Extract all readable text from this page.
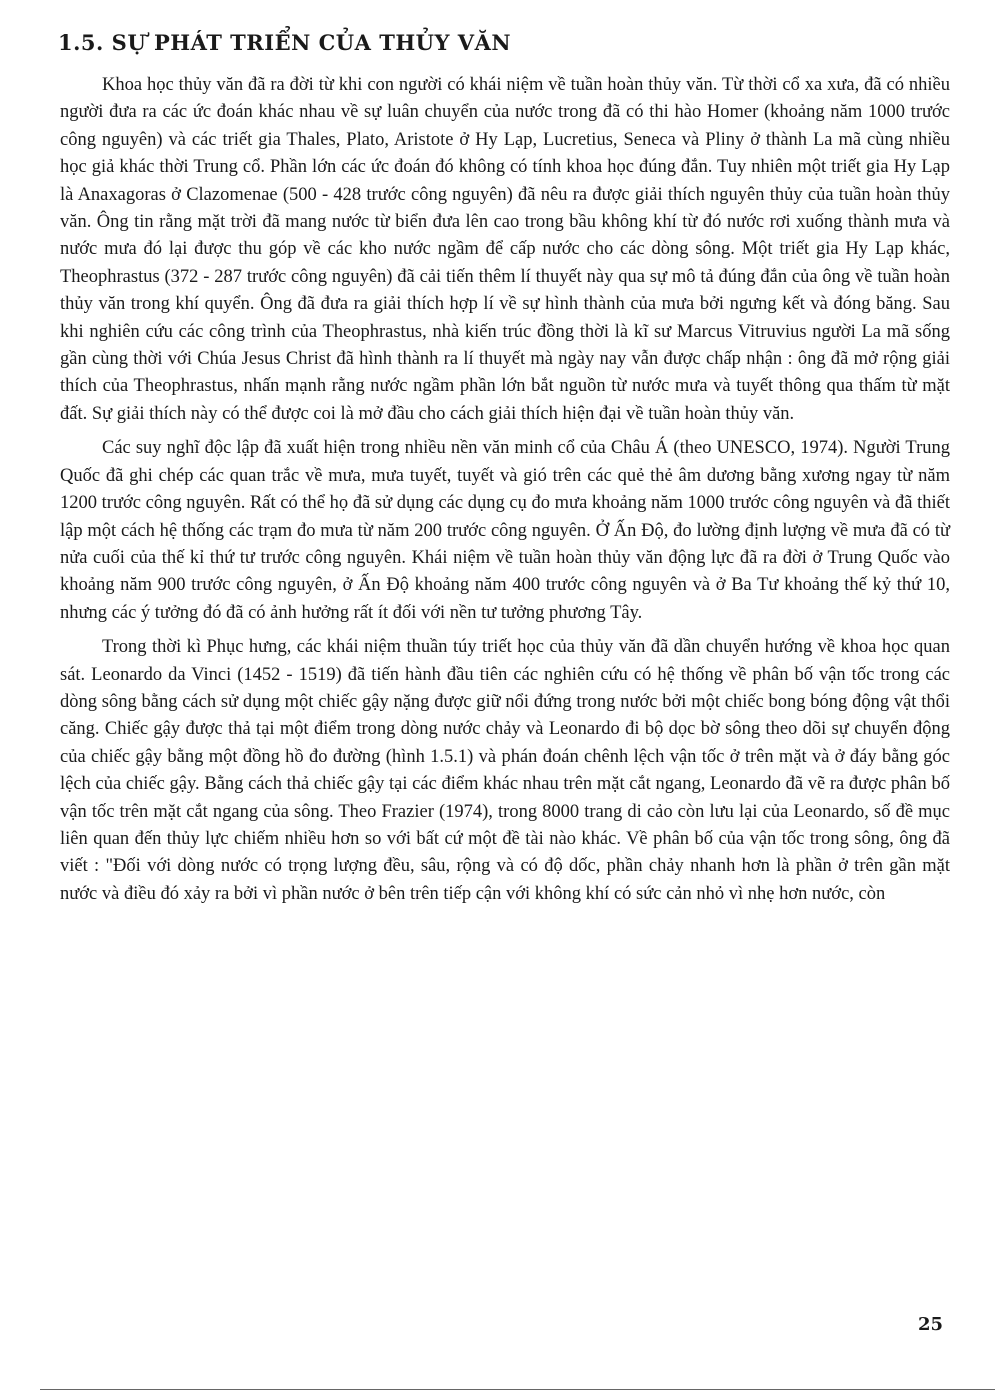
1.5. SỰ PHÁT TRIỂN CỦA THỦY VĂN

Khoa học thủy văn đã ra đời từ khi con người có khái niệm về tuần hoàn thủy văn. Từ thời cổ xa xưa, đã có nhiều người đưa ra các ức đoán khác nhau về sự luân chuyển của nước trong đã có thi hào Homer (khoảng năm 1000 trước công nguyên) và các triết gia Thales, Plato, Aristote ở Hy Lạp, Lucretius, Seneca và Pliny ở thành La mã cùng nhiều học giả khác thời Trung cổ. Phần lớn các ức đoán đó không có tính khoa học đúng đắn. Tuy nhiên một triết gia Hy Lạp là Anaxagoras ở Clazomenae (500 - 428 trước công nguyên) đã nêu ra được giải thích nguyên thủy của tuần hoàn thủy văn. Ông tin rằng mặt trời đã mang nước từ biển đưa lên cao trong bầu không khí từ đó nước rơi xuống thành mưa và nước mưa đó lại được thu góp về các kho nước ngầm để cấp nước cho các dòng sông. Một triết gia Hy Lạp khác, Theophrastus (372 - 287 trước công nguyên) đã cải tiến thêm lí thuyết này qua sự mô tả đúng đắn của ông về tuần hoàn thủy văn trong khí quyển. Ông đã đưa ra giải thích hợp lí về sự hình thành của mưa bởi ngưng kết và đóng băng. Sau khi nghiên cứu các công trình của Theophrastus, nhà kiến trúc đồng thời là kĩ sư Marcus Vitruvius người La mã sống gần cùng thời với Chúa Jesus Christ đã hình thành ra lí thuyết mà ngày nay vẫn được chấp nhận : ông đã mở rộng giải thích của Theophrastus, nhấn mạnh rằng nước ngầm phần lớn bắt nguồn từ nước mưa và tuyết thông qua thấm từ mặt đất. Sự giải thích này có thể được coi là mở đầu cho cách giải thích hiện đại về tuần hoàn thủy văn.

Các suy nghĩ độc lập đã xuất hiện trong nhiều nền văn minh cổ của Châu Á (theo UNESCO, 1974). Người Trung Quốc đã ghi chép các quan trắc về mưa, mưa tuyết, tuyết và gió trên các quẻ thẻ âm dương bằng xương ngay từ năm 1200 trước công nguyên. Rất có thể họ đã sử dụng các dụng cụ đo mưa khoảng năm 1000 trước công nguyên và đã thiết lập một cách hệ thống các trạm đo mưa từ năm 200 trước công nguyên. Ở Ấn Độ, đo lường định lượng về mưa đã có từ nửa cuối của thế kỉ thứ tư trước công nguyên. Khái niệm về tuần hoàn thủy văn động lực đã ra đời ở Trung Quốc vào khoảng năm 900 trước công nguyên, ở Ấn Độ khoảng năm 400 trước công nguyên và ở Ba Tư khoảng thế kỷ thứ 10, nhưng các ý tưởng đó đã có ảnh hưởng rất ít đối với nền tư tưởng phương Tây.

Trong thời kì Phục hưng, các khái niệm thuần túy triết học của thủy văn đã dần chuyển hướng về khoa học quan sát. Leonardo da Vinci (1452 - 1519) đã tiến hành đầu tiên các nghiên cứu có hệ thống về phân bố vận tốc trong các dòng sông bằng cách sử dụng một chiếc gậy nặng được giữ nổi đứng trong nước bởi một chiếc bong bóng động vật thổi căng. Chiếc gậy được thả tại một điểm trong dòng nước chảy và Leonardo đi bộ dọc bờ sông theo dõi sự chuyển động của chiếc gậy bằng một đồng hồ đo đường (hình 1.5.1) và phán đoán chênh lệch vận tốc ở trên mặt và ở đáy bằng góc lệch của chiếc gậy. Bằng cách thả chiếc gậy tại các điểm khác nhau trên mặt cắt ngang, Leonardo đã vẽ ra được phân bố vận tốc trên mặt cắt ngang của sông. Theo Frazier (1974), trong 8000 trang di cảo còn lưu lại của Leonardo, số đề mục liên quan đến thủy lực chiếm nhiều hơn so với bất cứ một đề tài nào khác. Về phân bố của vận tốc trong sông, ông đã viết : "Đối với dòng nước có trọng lượng đều, sâu, rộng và có độ dốc, phần chảy nhanh hơn là phần ở trên gần mặt nước và điều đó xảy ra bởi vì phần nước ở bên trên tiếp cận với không khí có sức cản nhỏ vì nhẹ hơn nước, còn

25
